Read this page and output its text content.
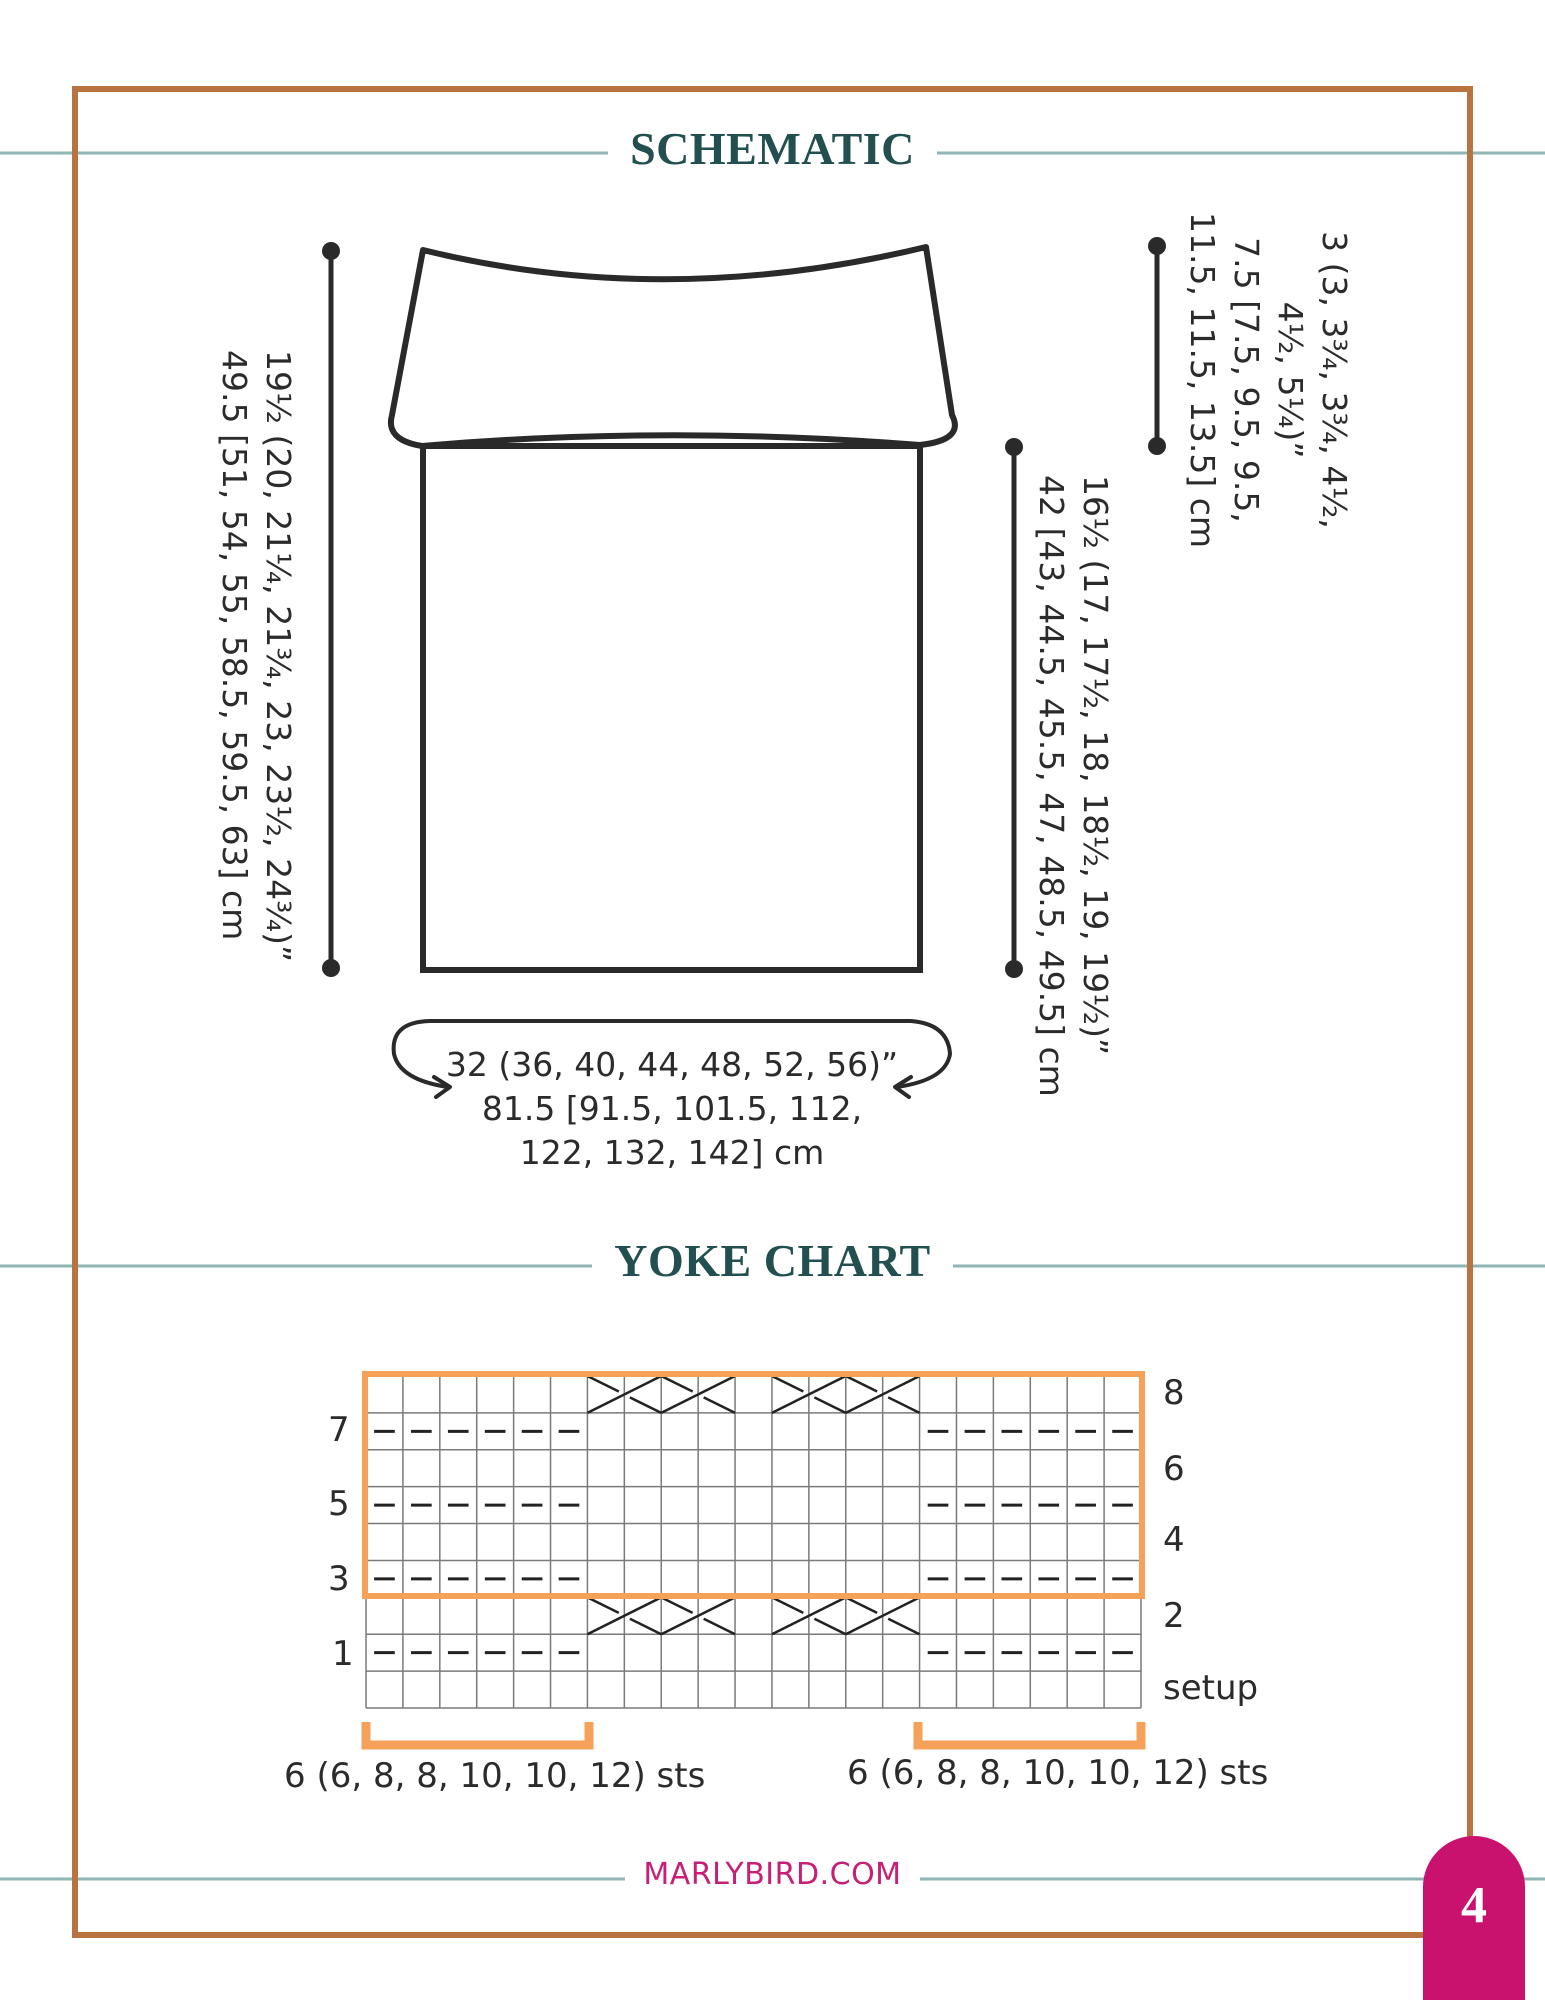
SCHEMATIC
YOKE CHART
19½ (20, 21¼, 21¾, 23, 23½, 24¾)”
49.5 [51, 54, 55, 58.5, 59.5, 63] cm	16½ (17, 17½, 18, 18½, 19, 19½)”
42 [43, 44.5, 45.5, 47, 48.5, 49.5] cm
3 (3, 3¾, 3¾, 4½,
4½, 5¼)”
7.5 [7.5, 9.5, 9.5,
11.5, 11.5, 13.5] cm
32 (36, 40, 44, 48, 52, 56)”
81.5 [91.5, 101.5, 112,
122, 132, 142] cm
7
5
3
1
8
6
4
2
setup
6 (6, 8, 8, 10, 10, 12) sts	6 (6, 8, 8, 10, 10, 12) sts
MARLYBIRD.COM
4
